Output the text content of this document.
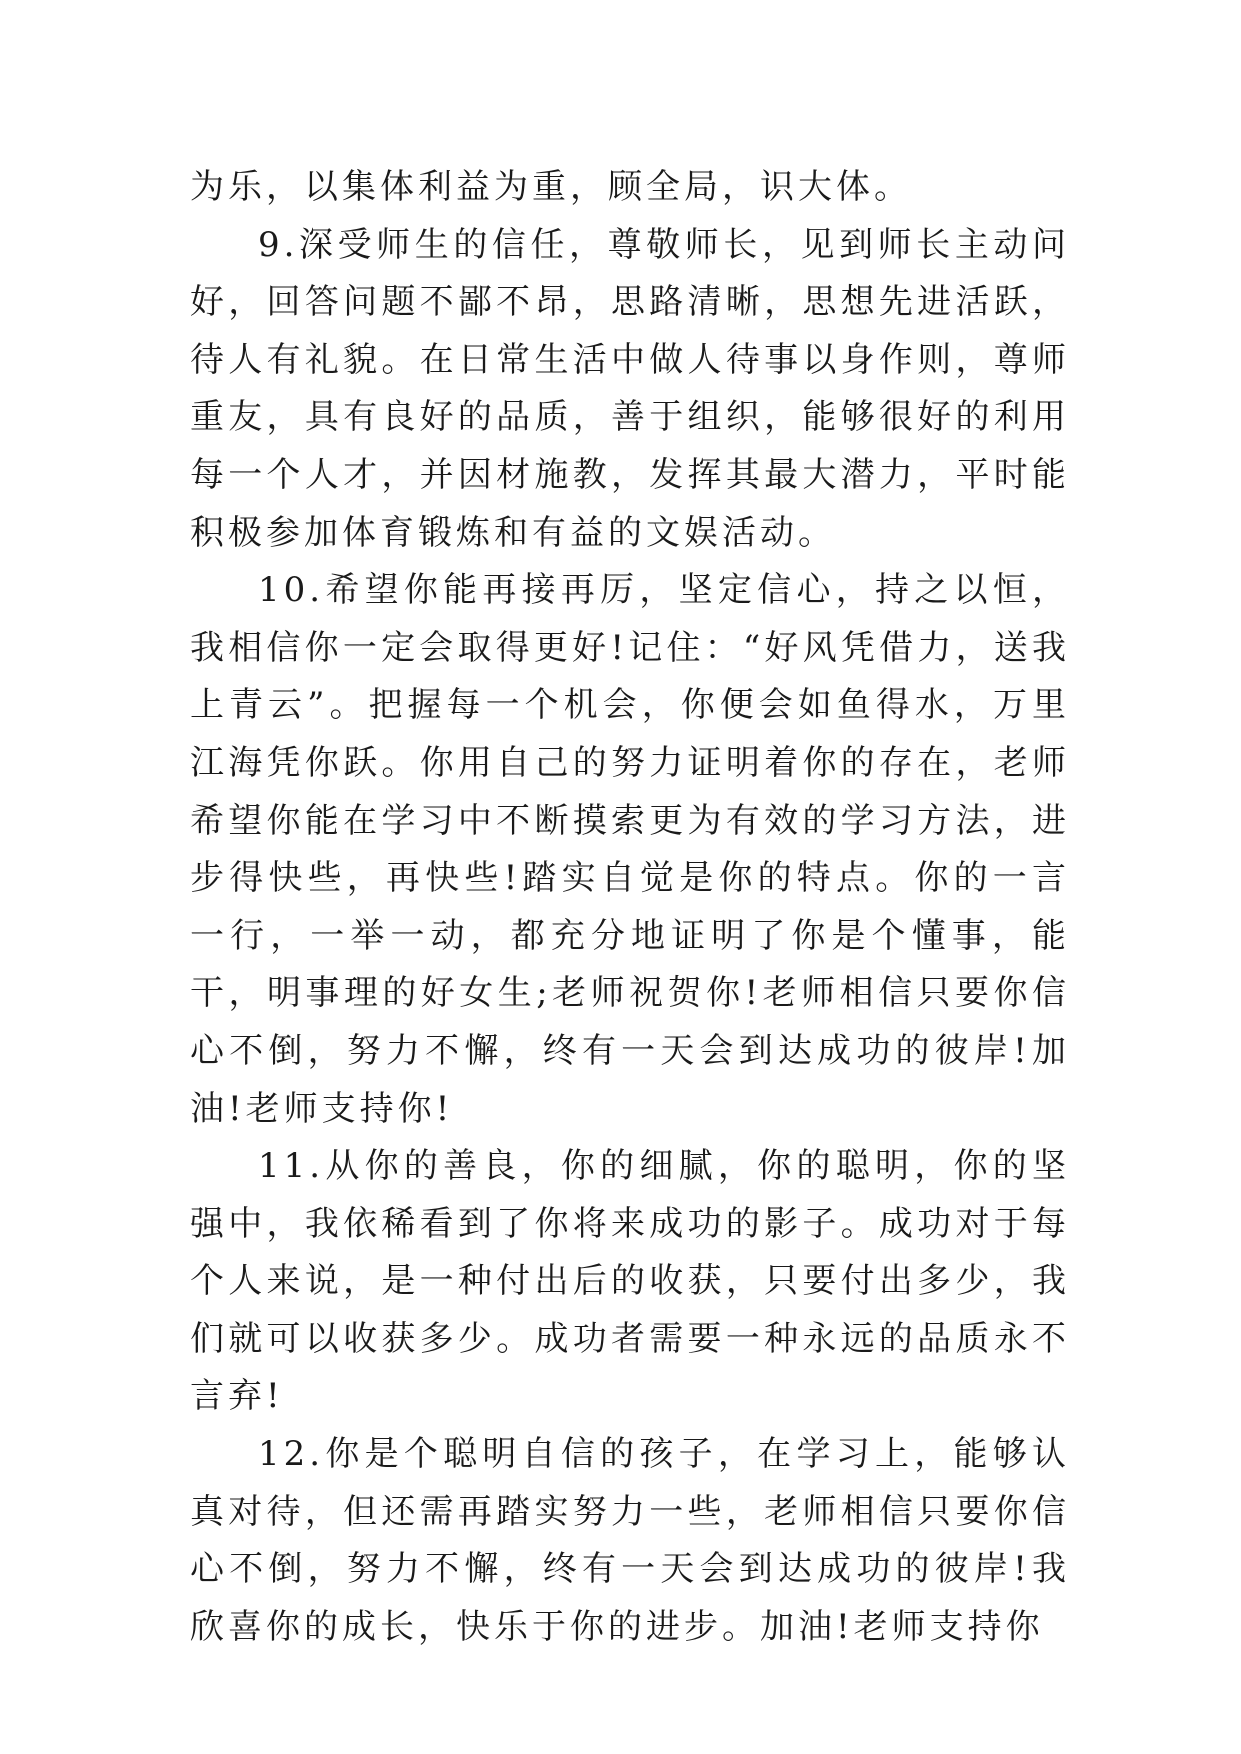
为乐，以集体利益为重，顾全局，识大体。

9.深受师生的信任，尊敬师长，见到师长主动问好，回答问题不鄙不昂，思路清晰，思想先进活跃，待人有礼貌。在日常生活中做人待事以身作则，尊师重友，具有良好的品质，善于组织，能够很好的利用每一个人才，并因材施教，发挥其最大潜力，平时能积极参加体育锻炼和有益的文娱活动。

10.希望你能再接再厉，坚定信心，持之以恒，我相信你一定会取得更好!记住：“好风凭借力，送我上青云”。把握每一个机会，你便会如鱼得水，万里江海凭你跃。你用自己的努力证明着你的存在，老师希望你能在学习中不断摸索更为有效的学习方法，进步得快些，再快些!踏实自觉是你的特点。你的一言一行，一举一动，都充分地证明了你是个懂事，能干，明事理的好女生;老师祝贺你!老师相信只要你信心不倒，努力不懈，终有一天会到达成功的彼岸!加油!老师支持你!

11.从你的善良，你的细腻，你的聪明，你的坚强中，我依稀看到了你将来成功的影子。成功对于每个人来说，是一种付出后的收获，只要付出多少，我们就可以收获多少。成功者需要一种永远的品质永不言弃!

12.你是个聪明自信的孩子，在学习上，能够认真对待，但还需再踏实努力一些，老师相信只要你信心不倒，努力不懈，终有一天会到达成功的彼岸!我欣喜你的成长，快乐于你的进步。加油!老师支持你
